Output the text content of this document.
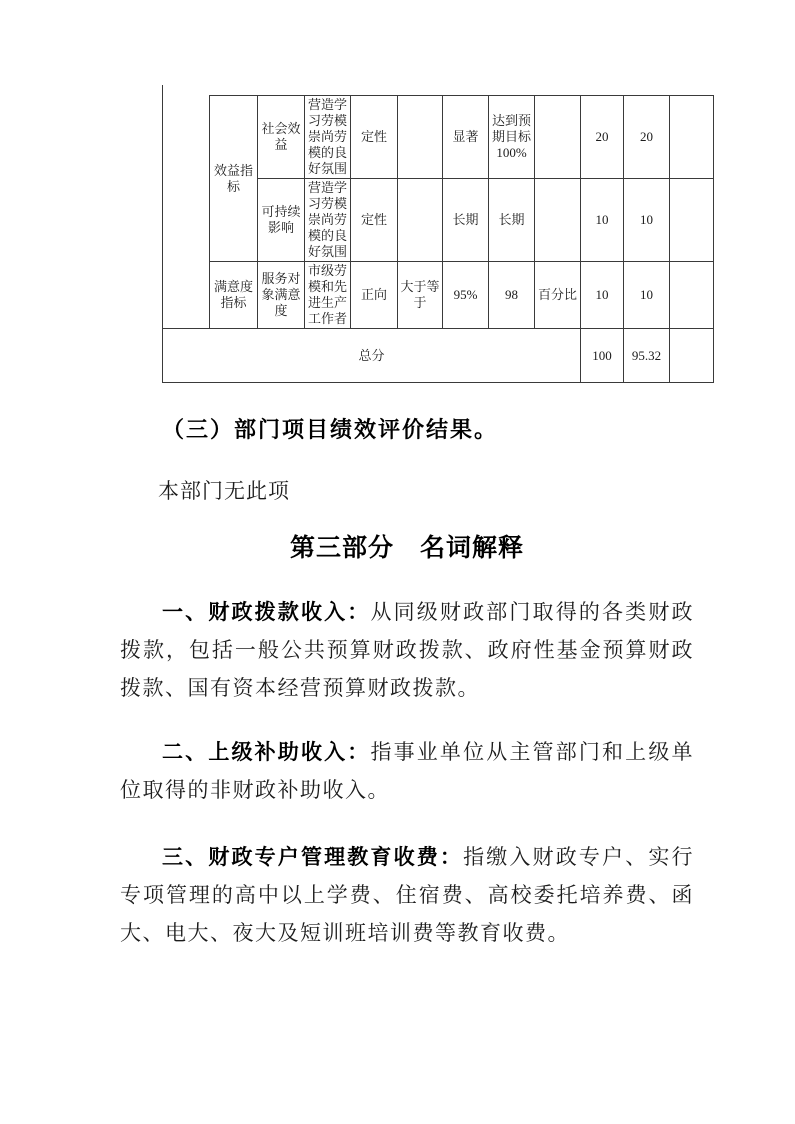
	效益指标	社会效益	营造学习劳模崇尚劳模的良好氛围	定性		显著	达到预期目标100%		20	20	
		可持续影响	营造学习劳模崇尚劳模的良好氛围	定性		长期	长期		10	10	
	满意度指标	服务对象满意度	市级劳模和先进生产工作者	正向	大于等于	95%	98	百分比	10	10	
总分									100	95.32	
（三）部门项目绩效评价结果。
本部门无此项
第三部分　名词解释

一、财政拨款收入：从同级财政部门取得的各类财政拨款，包括一般公共预算财政拨款、政府性基金预算财政拨款、国有资本经营预算财政拨款。

二、上级补助收入：指事业单位从主管部门和上级单位取得的非财政补助收入。

三、财政专户管理教育收费：指缴入财政专户、实行专项管理的高中以上学费、住宿费、高校委托培养费、函大、电大、夜大及短训班培训费等教育收费。
